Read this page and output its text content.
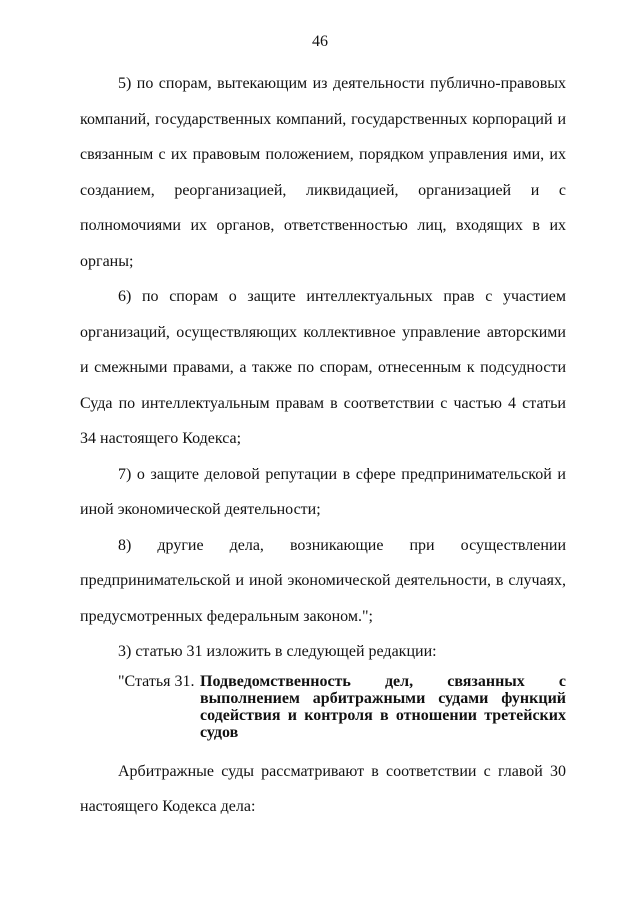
46

5) по спорам, вытекающим из деятельности публично-правовых компаний, государственных компаний, государственных корпораций и связанным с их правовым положением, порядком управления ими, их созданием, реорганизацией, ликвидацией, организацией и с полномочиями их органов, ответственностью лиц, входящих в их органы;

6) по спорам о защите интеллектуальных прав с участием организаций, осуществляющих коллективное управление авторскими и смежными правами, а также по спорам, отнесенным к подсудности Суда по интеллектуальным правам в соответствии с частью 4 статьи 34 настоящего Кодекса;

7) о защите деловой репутации в сфере предпринимательской и иной экономической деятельности;

8) другие дела, возникающие при осуществлении предпринимательской и иной экономической деятельности, в случаях, предусмотренных федеральным законом.";

3) статью 31 изложить в следующей редакции:

"Статья 31. Подведомственность дел, связанных с выполнением арбитражными судами функций содействия и контроля в отношении третейских судов

Арбитражные суды рассматривают в соответствии с главой 30 настоящего Кодекса дела:
